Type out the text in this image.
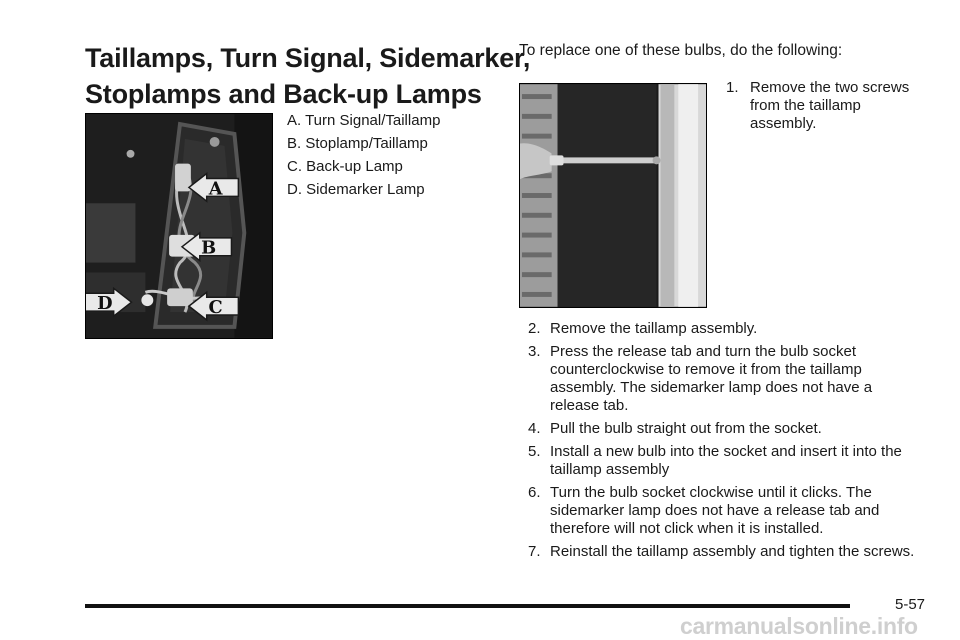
Taillamps, Turn Signal, Sidemarker,
Stoplamps and Back-up Lamps
A
B
C
D
A. Turn Signal/Taillamp
B. Stoplamp/Taillamp
C. Back-up Lamp
D. Sidemarker Lamp
To replace one of these bulbs, do the following:
1. Remove the two screws from the taillamp assembly.
2. Remove the taillamp assembly.
3. Press the release tab and turn the bulb socket counterclockwise to remove it from the taillamp assembly. The sidemarker lamp does not have a release tab.
4. Pull the bulb straight out from the socket.
5. Install a new bulb into the socket and insert it into the taillamp assembly
6. Turn the bulb socket clockwise until it clicks. The sidemarker lamp does not have a release tab and therefore will not click when it is installed.
7. Reinstall the taillamp assembly and tighten the screws.
5-57
carmanualsonline.info
